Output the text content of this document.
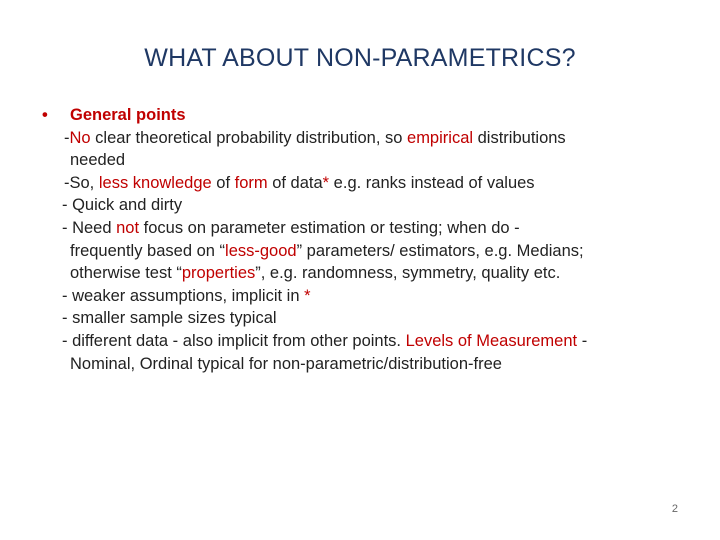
WHAT ABOUT NON-PARAMETRICS?
• General points
-No clear theoretical probability distribution, so empirical distributions
needed
-So, less knowledge of form of data* e.g. ranks instead of values
- Quick and dirty
- Need not focus on parameter estimation or testing; when do -
frequently based on “less-good” parameters/ estimators, e.g. Medians;
otherwise test “properties”, e.g. randomness, symmetry, quality etc.
- weaker assumptions, implicit in *
- smaller sample sizes typical
- different data - also implicit from other points. Levels of Measurement -
Nominal, Ordinal typical for non-parametric/distribution-free
2
